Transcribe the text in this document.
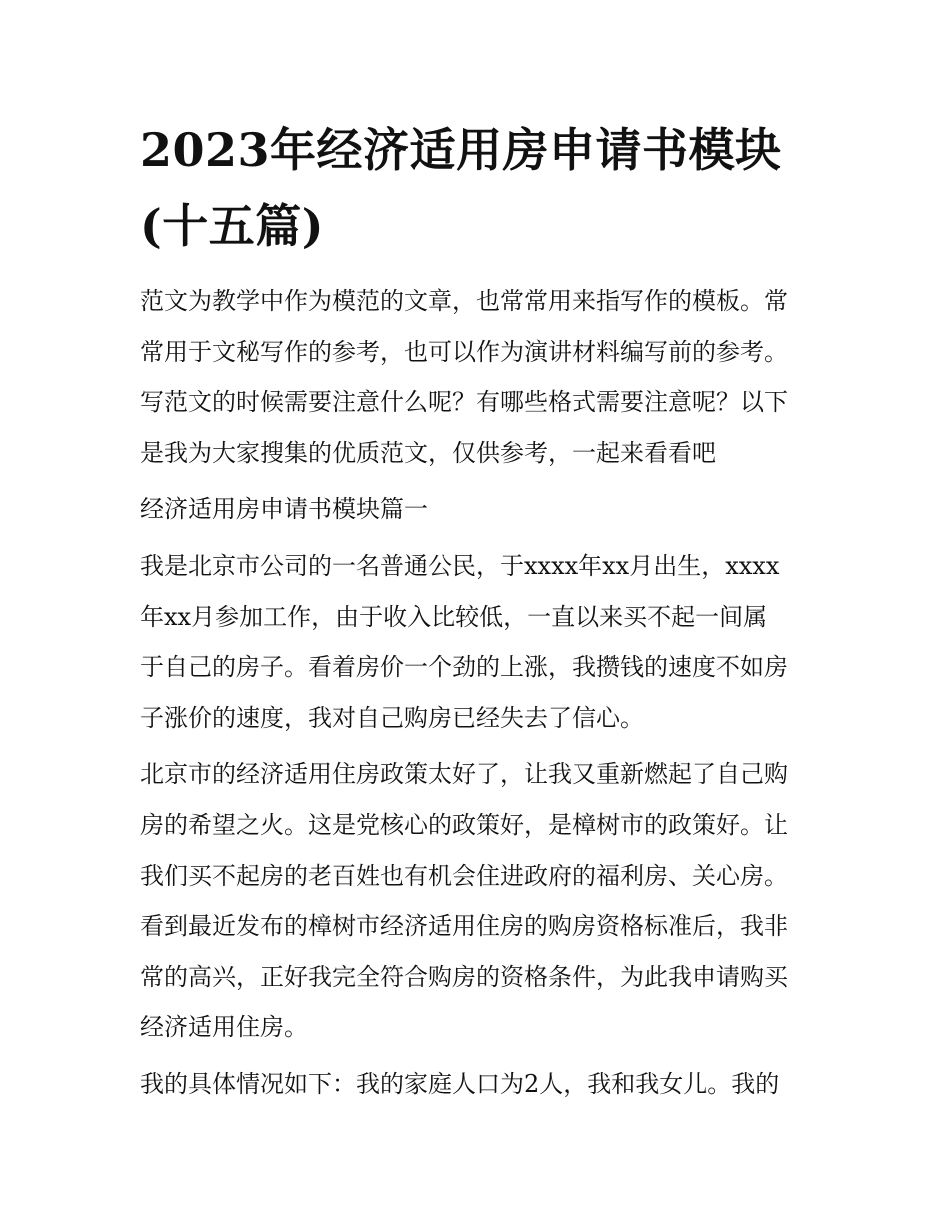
2023年经济适用房申请书模块
(十五篇)

范文为教学中作为模范的文章，也常常用来指写作的模板。常
常用于文秘写作的参考，也可以作为演讲材料编写前的参考。
写范文的时候需要注意什么呢？有哪些格式需要注意呢？以下
是我为大家搜集的优质范文，仅供参考，一起来看看吧

经济适用房申请书模块篇一

我是北京市公司的一名普通公民，于xxxx年xx月出生，xxxx
年xx月参加工作，由于收入比较低，一直以来买不起一间属
于自己的房子。看着房价一个劲的上涨，我攒钱的速度不如房
子涨价的速度，我对自己购房已经失去了信心。

北京市的经济适用住房政策太好了，让我又重新燃起了自己购
房的希望之火。这是党核心的政策好，是樟树市的政策好。让
我们买不起房的老百姓也有机会住进政府的福利房、关心房。
看到最近发布的樟树市经济适用住房的购房资格标准后，我非
常的高兴，正好我完全符合购房的资格条件，为此我申请购买
经济适用住房。

我的具体情况如下：我的家庭人口为2人，我和我女儿。我的
